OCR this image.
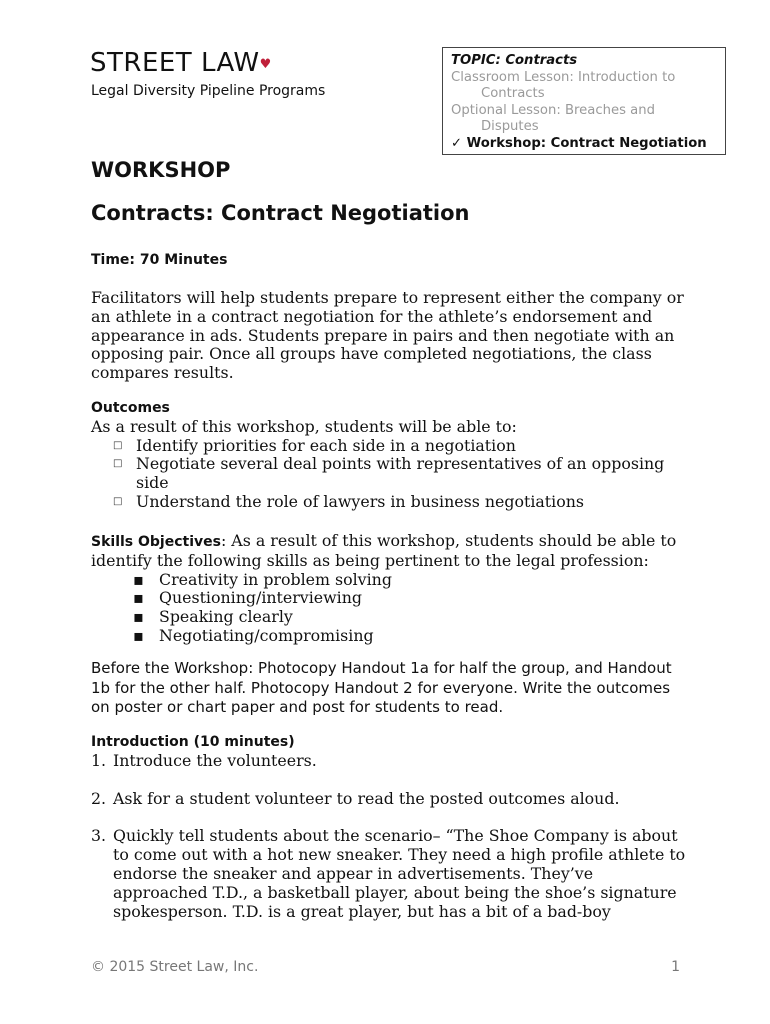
STREET LAW♥
Legal Diversity Pipeline Programs
TOPIC: Contracts
Classroom Lesson: Introduction to
Contracts
Optional Lesson: Breaches and
Disputes
✓ Workshop: Contract Negotiation
WORKSHOP
Contracts: Contract Negotiation
Time: 70 Minutes
Facilitators will help students prepare to represent either the company or an athlete in a contract negotiation for the athlete’s endorsement and appearance in ads. Students prepare in pairs and then negotiate with an opposing pair. Once all groups have completed negotiations, the class compares results.
Outcomes
As a result of this workshop, students will be able to:
□ Identify priorities for each side in a negotiation
□ Negotiate several deal points with representatives of an opposing side
□ Understand the role of lawyers in business negotiations
Skills Objectives: As a result of this workshop, students should be able to identify the following skills as being pertinent to the legal profession:
▪ Creativity in problem solving
▪ Questioning/interviewing
▪ Speaking clearly
▪ Negotiating/compromising
Before the Workshop: Photocopy Handout 1a for half the group, and Handout 1b for the other half. Photocopy Handout 2 for everyone. Write the outcomes on poster or chart paper and post for students to read.
Introduction (10 minutes)
1. Introduce the volunteers.
2. Ask for a student volunteer to read the posted outcomes aloud.
3. Quickly tell students about the scenario– “The Shoe Company is about to come out with a hot new sneaker. They need a high profile athlete to endorse the sneaker and appear in advertisements. They’ve approached T.D., a basketball player, about being the shoe’s signature spokesperson. T.D. is a great player, but has a bit of a bad-boy
© 2015 Street Law, Inc.	1
